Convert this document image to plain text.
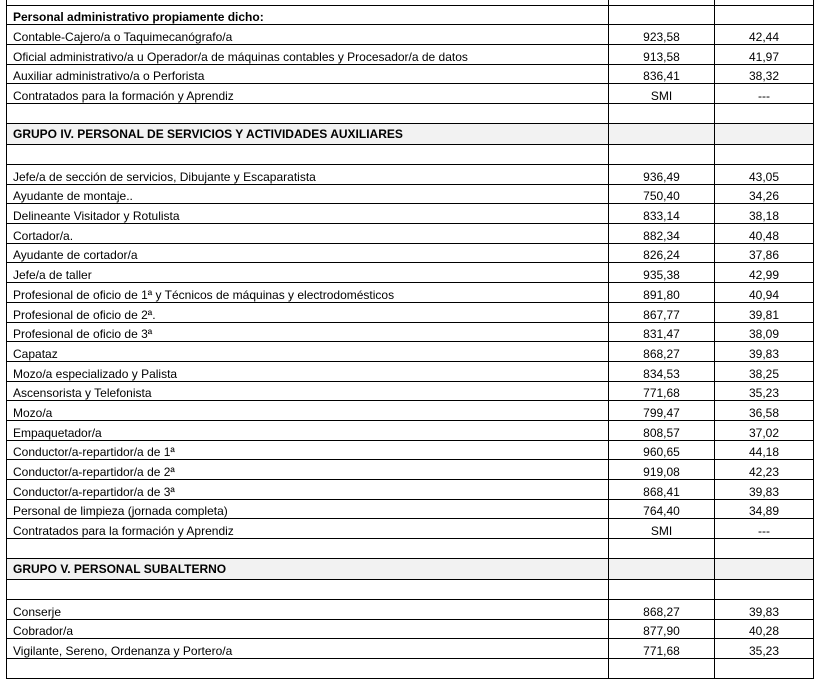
Personal administrativo propiamente dicho:		
Contable-Cajero/a o Taquimecanógrafo/a	923,58	42,44
Oficial administrativo/a u Operador/a de máquinas contables y Procesador/a de datos	913,58	41,97
Auxiliar administrativo/a o Perforista	836,41	38,32
Contratados para la formación y Aprendiz	SMI	---

GRUPO IV. PERSONAL DE SERVICIOS Y ACTIVIDADES AUXILIARES		

Jefe/a de sección de servicios, Dibujante y Escaparatista	936,49	43,05
Ayudante de montaje..	750,40	34,26
Delineante Visitador y Rotulista	833,14	38,18
Cortador/a.	882,34	40,48
Ayudante de cortador/a	826,24	37,86
Jefe/a de taller	935,38	42,99
Profesional de oficio de 1ª y Técnicos de máquinas y electrodomésticos	891,80	40,94
Profesional de oficio de 2ª.	867,77	39,81
Profesional de oficio de 3ª	831,47	38,09
Capataz	868,27	39,83
Mozo/a especializado y Palista	834,53	38,25
Ascensorista y Telefonista	771,68	35,23
Mozo/a	799,47	36,58
Empaquetador/a	808,57	37,02
Conductor/a-repartidor/a de 1ª	960,65	44,18
Conductor/a-repartidor/a de 2ª	919,08	42,23
Conductor/a-repartidor/a de 3ª	868,41	39,83
Personal de limpieza (jornada completa)	764,40	34,89
Contratados para la formación y Aprendiz	SMI	---

GRUPO V. PERSONAL SUBALTERNO		

Conserje	868,27	39,83
Cobrador/a	877,90	40,28
Vigilante, Sereno, Ordenanza y Portero/a	771,68	35,23
